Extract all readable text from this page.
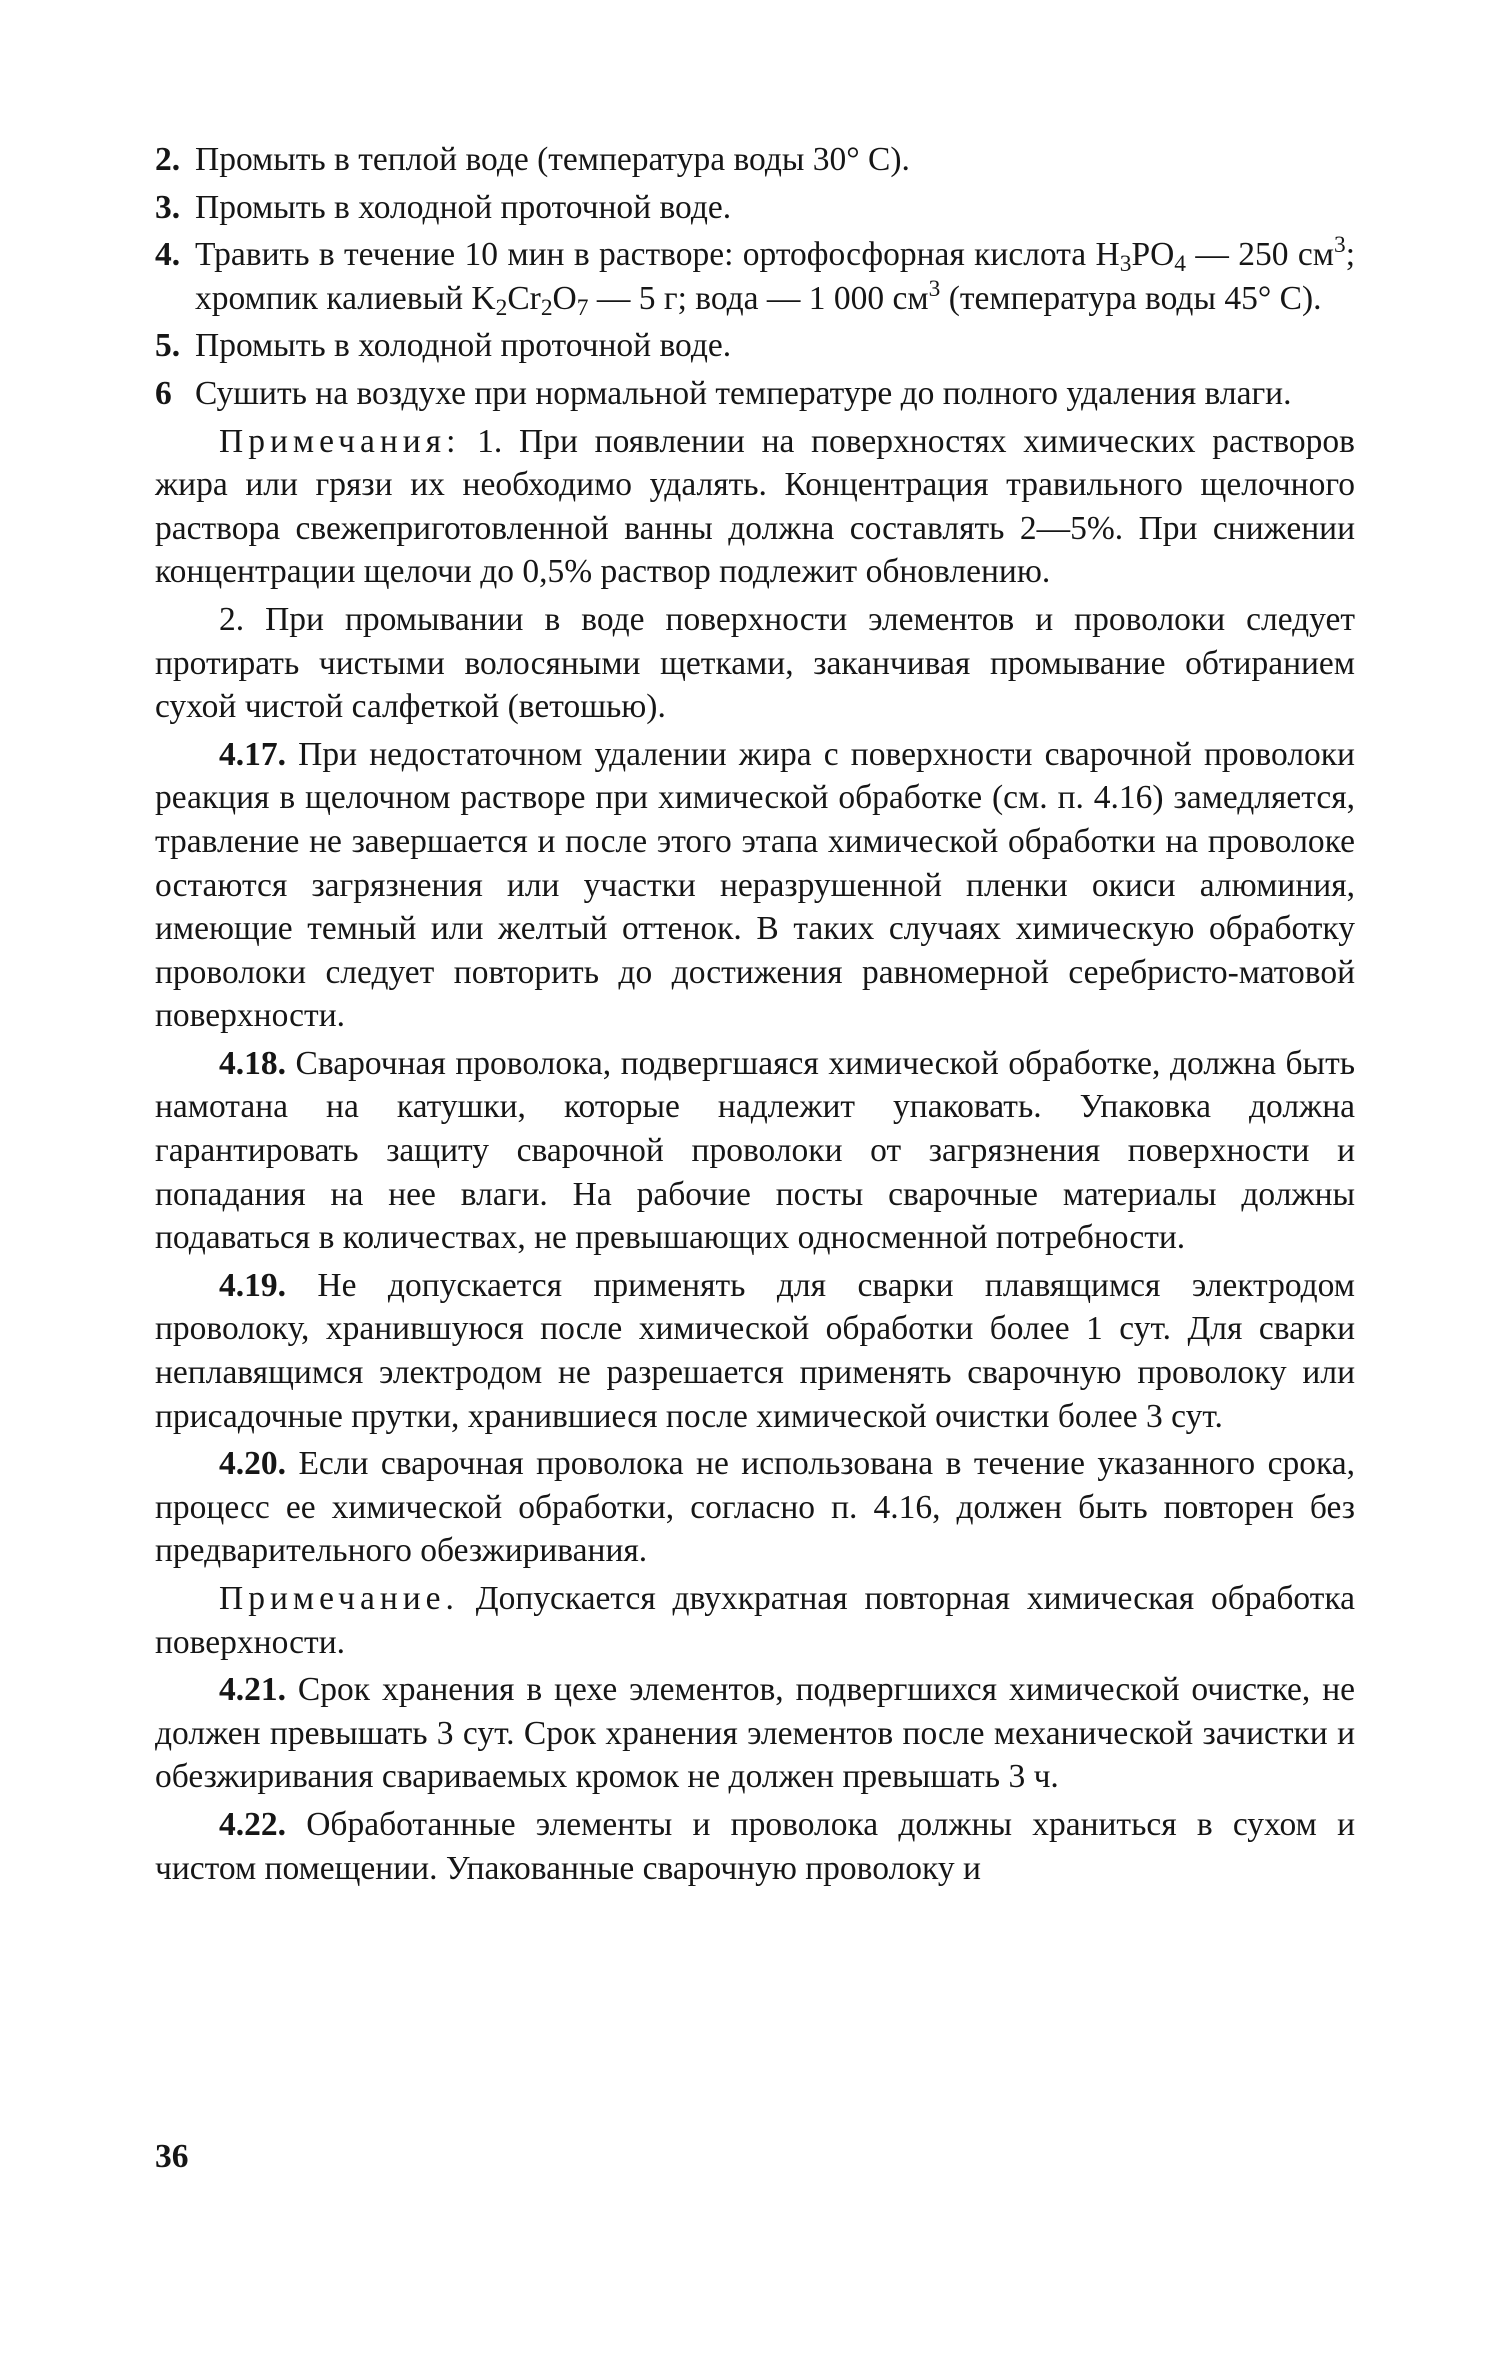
2. Промыть в теплой воде (температура воды 30° С).
3. Промыть в холодной проточной воде.
4. Травить в течение 10 мин в растворе: ортофосфорная кислота $H_3PO_4$ — 250 $см^3$; хромпик калиевый $K_2Cr_2O_7$ — 5 г; вода — 1 000 $см^3$ (температура воды 45° С).
5. Промыть в холодной проточной воде.
6 Сушить на воздухе при нормальной температуре до полного удаления влаги.

Примечания: 1. При появлении на поверхностях химических растворов жира или грязи их необходимо удалять. Концентрация травильного щелочного раствора свежеприготовленной ванны должна составлять 2—5%. При снижении концентрации щелочи до 0,5% раствор подлежит обновлению.

2. При промывании в воде поверхности элементов и проволоки следует протирать чистыми волосяными щетками, заканчивая промывание обтиранием сухой чистой салфеткой (ветошью).

4.17. При недостаточном удалении жира с поверхности сварочной проволоки реакция в щелочном растворе при химической обработке (см. п. 4.16) замедляется, травление не завершается и после этого этапа химической обработки на проволоке остаются загрязнения или участки неразрушенной пленки окиси алюминия, имеющие темный или желтый оттенок. В таких случаях химическую обработку проволоки следует повторить до достижения равномерной серебристо-матовой поверхности.

4.18. Сварочная проволока, подвергшаяся химической обработке, должна быть намотана на катушки, которые надлежит упаковать. Упаковка должна гарантировать защиту сварочной проволоки от загрязнения поверхности и попадания на нее влаги. На рабочие посты сварочные материалы должны подаваться в количествах, не превышающих односменной потребности.

4.19. Не допускается применять для сварки плавящимся электродом проволоку, хранившуюся после химической обработки более 1 сут. Для сварки неплавящимся электродом не разрешается применять сварочную проволоку или присадочные прутки, хранившиеся после химической очистки более 3 сут.

4.20. Если сварочная проволока не использована в течение указанного срока, процесс ее химической обработки, согласно п. 4.16, должен быть повторен без предварительного обезжиривания.

Примечание. Допускается двухкратная повторная химическая обработка поверхности.

4.21. Срок хранения в цехе элементов, подвергшихся химической очистке, не должен превышать 3 сут. Срок хранения элементов после механической зачистки и обезжиривания свариваемых кромок не должен превышать 3 ч.

4.22. Обработанные элементы и проволока должны храниться в сухом и чистом помещении. Упакованные сварочную проволоку и

36
